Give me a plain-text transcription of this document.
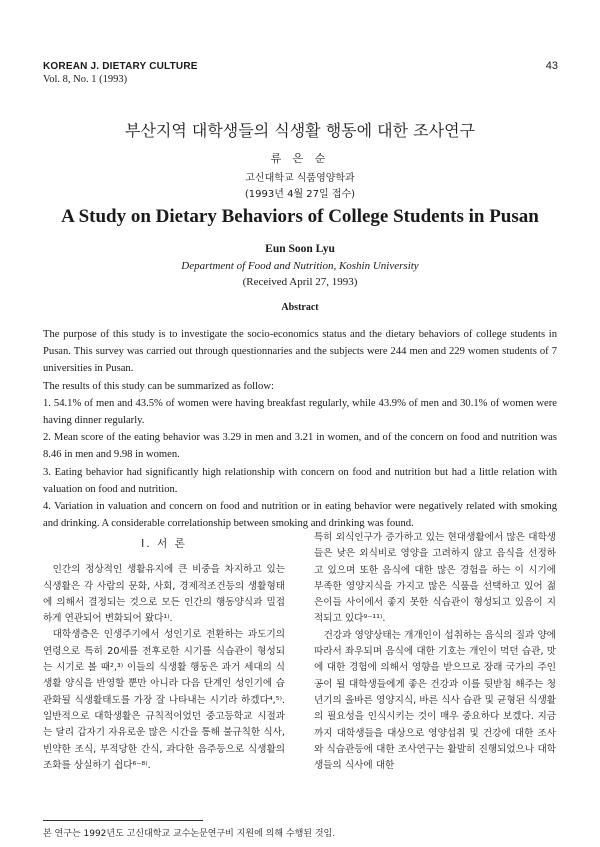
KOREAN J. DIETARY CULTURE
Vol. 8, No. 1 (1993)
43
부산지역 대학생들의 식생활 행동에 대한 조사연구
류 은 순
고신대학교 식품영양학과
(1993년 4월 27일 접수)
A Study on Dietary Behaviors of College Students in Pusan
Eun Soon Lyu
Department of Food and Nutrition, Koshin University
(Received April 27, 1993)
Abstract

The purpose of this study is to investigate the socio-economics status and the dietary behaviors of college students in Pusan. This survey was carried out through questionnaries and the subjects were 244 men and 229 women students of 7 universities in Pusan.

The results of this study can be summarized as follow:

1. 54.1% of men and 43.5% of women were having breakfast regularly, while 43.9% of men and 30.1% of women were having dinner regularly.

2. Mean score of the eating behavior was 3.29 in men and 3.21 in women, and of the concern on food and nutrition was 8.46 in men and 9.98 in women.

3. Eating behavior had significantly high relationship with concern on food and nutrition but had a little relation with valuation on food and nutrition.

4. Variation in valuation and concern on food and nutrition or in eating behavior were negatively related with smoking and drinking. A considerable correlationship between smoking and drinking was found.

I. 서 론

인간의 정상적인 생활유지에 큰 비중을 차지하고 있는 식생활은 각 사람의 문화, 사회, 경제적조건등의 생활형태에 의해서 결정되는 것으로 모든 인간의 행동양식과 밀접하게 연관되어 변화되어 왔다¹⁾.

대학생층은 인생주기에서 성인기로 전환하는 과도기의 연령으로 특히 20세를 전후로한 시기를 식습관이 형성되는 시기로 볼 때²,³⁾ 이들의 식생활 행동은 과거 세대의 식생활 양식을 반영할 뿐만 아니라 다음 단계인 성인기에 습관화될 식생활태도를 가장 잘 나타내는 시기라 하겠다⁴,⁵⁾. 일반적으로 대학생활은 규칙적이었던 중고등학교 시절과는 달리 갑자기 자유로운 많은 시간을 통해 불규칙한 식사, 빈약한 조식, 부적당한 간식, 과다한 음주등으로 식생활의 조화를 상실하기 쉽다⁶⁻⁸⁾.

특히 외식인구가 증가하고 있는 현대생활에서 많은 대학생들은 낮은 외식비로 영양을 고려하지 않고 음식을 선정하고 있으며 또한 음식에 대한 많은 경험을 하는 이 시기에 부족한 영양지식을 가지고 많은 식품을 선택하고 있어 젊은이들 사이에서 좋지 못한 식습관이 형성되고 있음이 지적되고 있다⁹⁻¹¹⁾.

건강과 영양상태는 개개인이 섭취하는 음식의 질과 양에 따라서 좌우되며 음식에 대한 기호는 개인이 먹던 습관, 맛에 대한 경험에 의해서 영향을 받으므로 장래 국가의 주인공이 될 대학생들에게 좋은 건강과 이를 뒷받침 해주는 청년기의 올바른 영양지식, 바른 식사 습관 및 균형된 식생활의 필요성을 인식시키는 것이 매우 중요하다 보겠다. 지금까지 대학생들을 대상으로 영양섭취 및 건강에 대한 조사와 식습관등에 대한 조사연구는 활발히 진행되었으나 대학생들의 식사에 대한

본 연구는 1992년도 고신대학교 교수논문연구비 지원에 의해 수행된 것임.
